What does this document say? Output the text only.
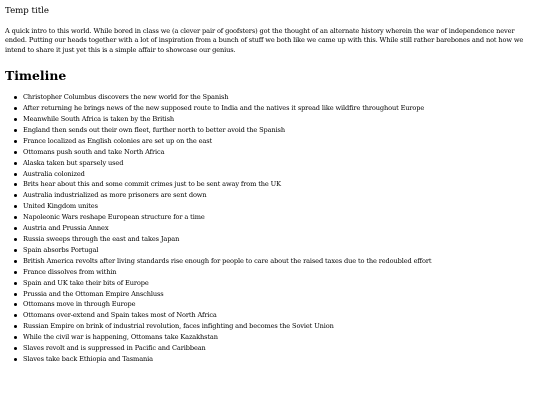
Temp title

A quick intro to this world. While bored in class we (a clever pair of goofsters) got the thought of an alternate history wherein the war of independence never ended. Putting our heads together with a lot of inspiration from a bunch of stuff we both like we came up with this. While still rather barebones and not how we intend to share it just yet this is a simple affair to showcase our genius.

Timeline
Christopher Columbus discovers the new world for the Spanish
After returning he brings news of the new supposed route to India and the natives it spread like wildfire throughout Europe
Meanwhile South Africa is taken by the British
England then sends out their own fleet, further north to better avoid the Spanish
France localized as English colonies are set up on the east
Ottomans push south and take North Africa
Alaska taken but sparsely used
Australia colonized
Brits hear about this and some commit crimes just to be sent away from the UK
Australia industrialized as more prisoners are sent down
United Kingdom unites
Napoleonic Wars reshape European structure for a time
Austria and Prussia Annex
Russia sweeps through the east and takes Japan
Spain absorbs Portugal
British America revolts after living standards rise enough for people to care about the raised taxes due to the redoubled effort
France dissolves from within
Spain and UK take their bits of Europe
Prussia and the Ottoman Empire Anschluss
Ottomans move in through Europe
Ottomans over-extend and Spain takes most of North Africa
Russian Empire on brink of industrial revolution, faces infighting and becomes the Soviet Union
While the civil war is happening, Ottomans take Kazakhstan
Slaves revolt and is suppressed in Pacific and Caribbean
Slaves take back Ethiopia and Tasmania
